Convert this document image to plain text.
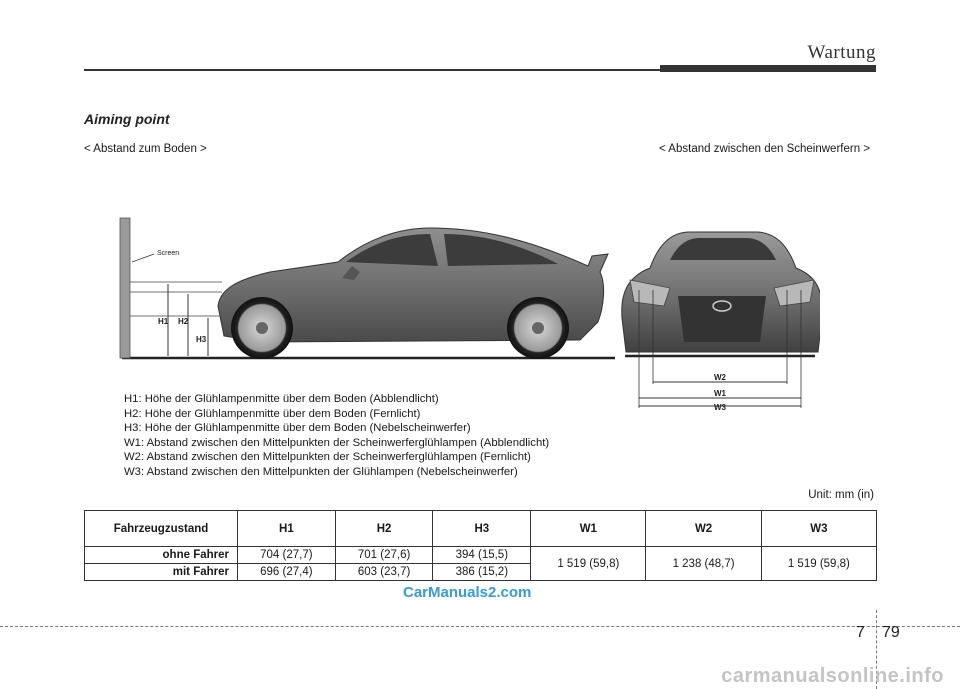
Wartung
Aiming point
< Abstand zum Boden >	< Abstand zwischen den Scheinwerfern >
Screen
H1 H2
H3
W2
W1
W3
H1: Höhe der Glühlampenmitte über dem Boden (Abblendlicht)
H2: Höhe der Glühlampenmitte über dem Boden (Fernlicht)
H3: Höhe der Glühlampenmitte über dem Boden (Nebelscheinwerfer)
W1: Abstand zwischen den Mittelpunkten der Scheinwerferglühlampen (Abblendlicht)
W2: Abstand zwischen den Mittelpunkten der Scheinwerferglühlampen (Fernlicht)
W3: Abstand zwischen den Mittelpunkten der Glühlampen (Nebelscheinwerfer)
Unit: mm (in)
Fahrzeugzustand	H1	H2	H3	W1	W2	W3
ohne Fahrer	704 (27,7)	701 (27,6)	394 (15,5)	1 519 (59,8)	1 238 (48,7)	1 519 (59,8)
mit Fahrer	696 (27,4)	603 (23,7)	386 (15,2)			
CarManuals2.com
7 79
carmanualsonline.info
